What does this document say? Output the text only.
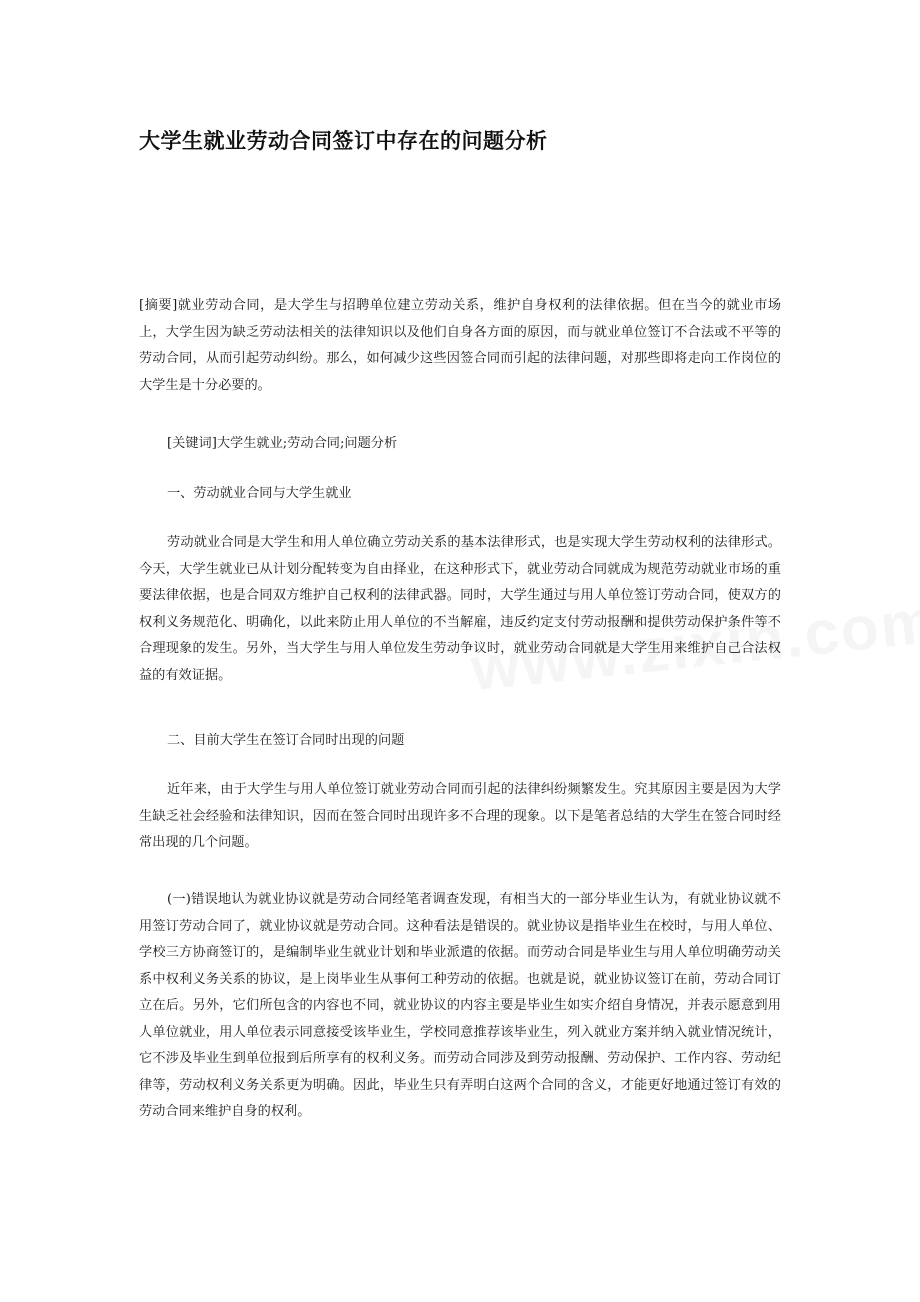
大学生就业劳动合同签订中存在的问题分析

[摘要]就业劳动合同，是大学生与招聘单位建立劳动关系，维护自身权利的法律依据。但在当今的就业市场上，大学生因为缺乏劳动法相关的法律知识以及他们自身各方面的原因，而与就业单位签订不合法或不平等的劳动合同，从而引起劳动纠纷。那么，如何减少这些因签合同而引起的法律问题，对那些即将走向工作岗位的大学生是十分必要的。

[关键词]大学生就业;劳动合同;问题分析

一、劳动就业合同与大学生就业

劳动就业合同是大学生和用人单位确立劳动关系的基本法律形式，也是实现大学生劳动权利的法律形式。今天，大学生就业已从计划分配转变为自由择业，在这种形式下，就业劳动合同就成为规范劳动就业市场的重要法律依据，也是合同双方维护自己权利的法律武器。同时，大学生通过与用人单位签订劳动合同，使双方的权利义务规范化、明确化，以此来防止用人单位的不当解雇，违反约定支付劳动报酬和提供劳动保护条件等不合理现象的发生。另外，当大学生与用人单位发生劳动争议时，就业劳动合同就是大学生用来维护自己合法权益的有效证据。

二、目前大学生在签订合同时出现的问题

近年来，由于大学生与用人单位签订就业劳动合同而引起的法律纠纷频繁发生。究其原因主要是因为大学生缺乏社会经验和法律知识，因而在签合同时出现许多不合理的现象。以下是笔者总结的大学生在签合同时经常出现的几个问题。

(一)错误地认为就业协议就是劳动合同经笔者调查发现，有相当大的一部分毕业生认为，有就业协议就不用签订劳动合同了，就业协议就是劳动合同。这种看法是错误的。就业协议是指毕业生在校时，与用人单位、学校三方协商签订的，是编制毕业生就业计划和毕业派遣的依据。而劳动合同是毕业生与用人单位明确劳动关系中权利义务关系的协议，是上岗毕业生从事何工种劳动的依据。也就是说，就业协议签订在前，劳动合同订立在后。另外，它们所包含的内容也不同，就业协议的内容主要是毕业生如实介绍自身情况，并表示愿意到用人单位就业，用人单位表示同意接受该毕业生，学校同意推荐该毕业生，列入就业方案并纳入就业情况统计，它不涉及毕业生到单位报到后所享有的权利义务。而劳动合同涉及到劳动报酬、劳动保护、工作内容、劳动纪律等，劳动权利义务关系更为明确。因此，毕业生只有弄明白这两个合同的含义，才能更好地通过签订有效的劳动合同来维护自身的权利。
